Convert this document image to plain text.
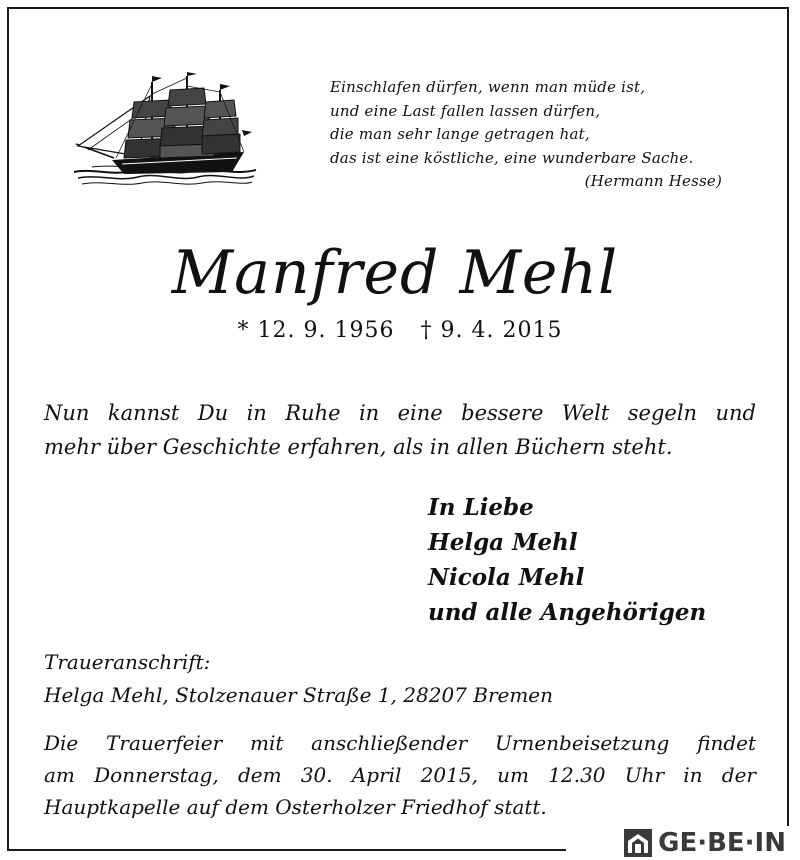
Einschlafen dürfen, wenn man müde ist,
und eine Last fallen lassen dürfen,
die man sehr lange getragen hat,
das ist eine köstliche, eine wunderbare Sache.
(Hermann Hesse)
Manfred Mehl
* 12. 9. 1956 † 9. 4. 2015
Nun kannst Du in Ruhe in eine bessere Welt segeln und
mehr über Geschichte erfahren, als in allen Büchern steht.
In Liebe
Helga Mehl
Nicola Mehl
und alle Angehörigen
Traueranschrift:
Helga Mehl, Stolzenauer Straße 1, 28207 Bremen
Die Trauerfeier mit anschließender Urnenbeisetzung findet
am Donnerstag, dem 30. April 2015, um 12.30 Uhr in der
Hauptkapelle auf dem Osterholzer Friedhof statt.
GE·BE·IN
